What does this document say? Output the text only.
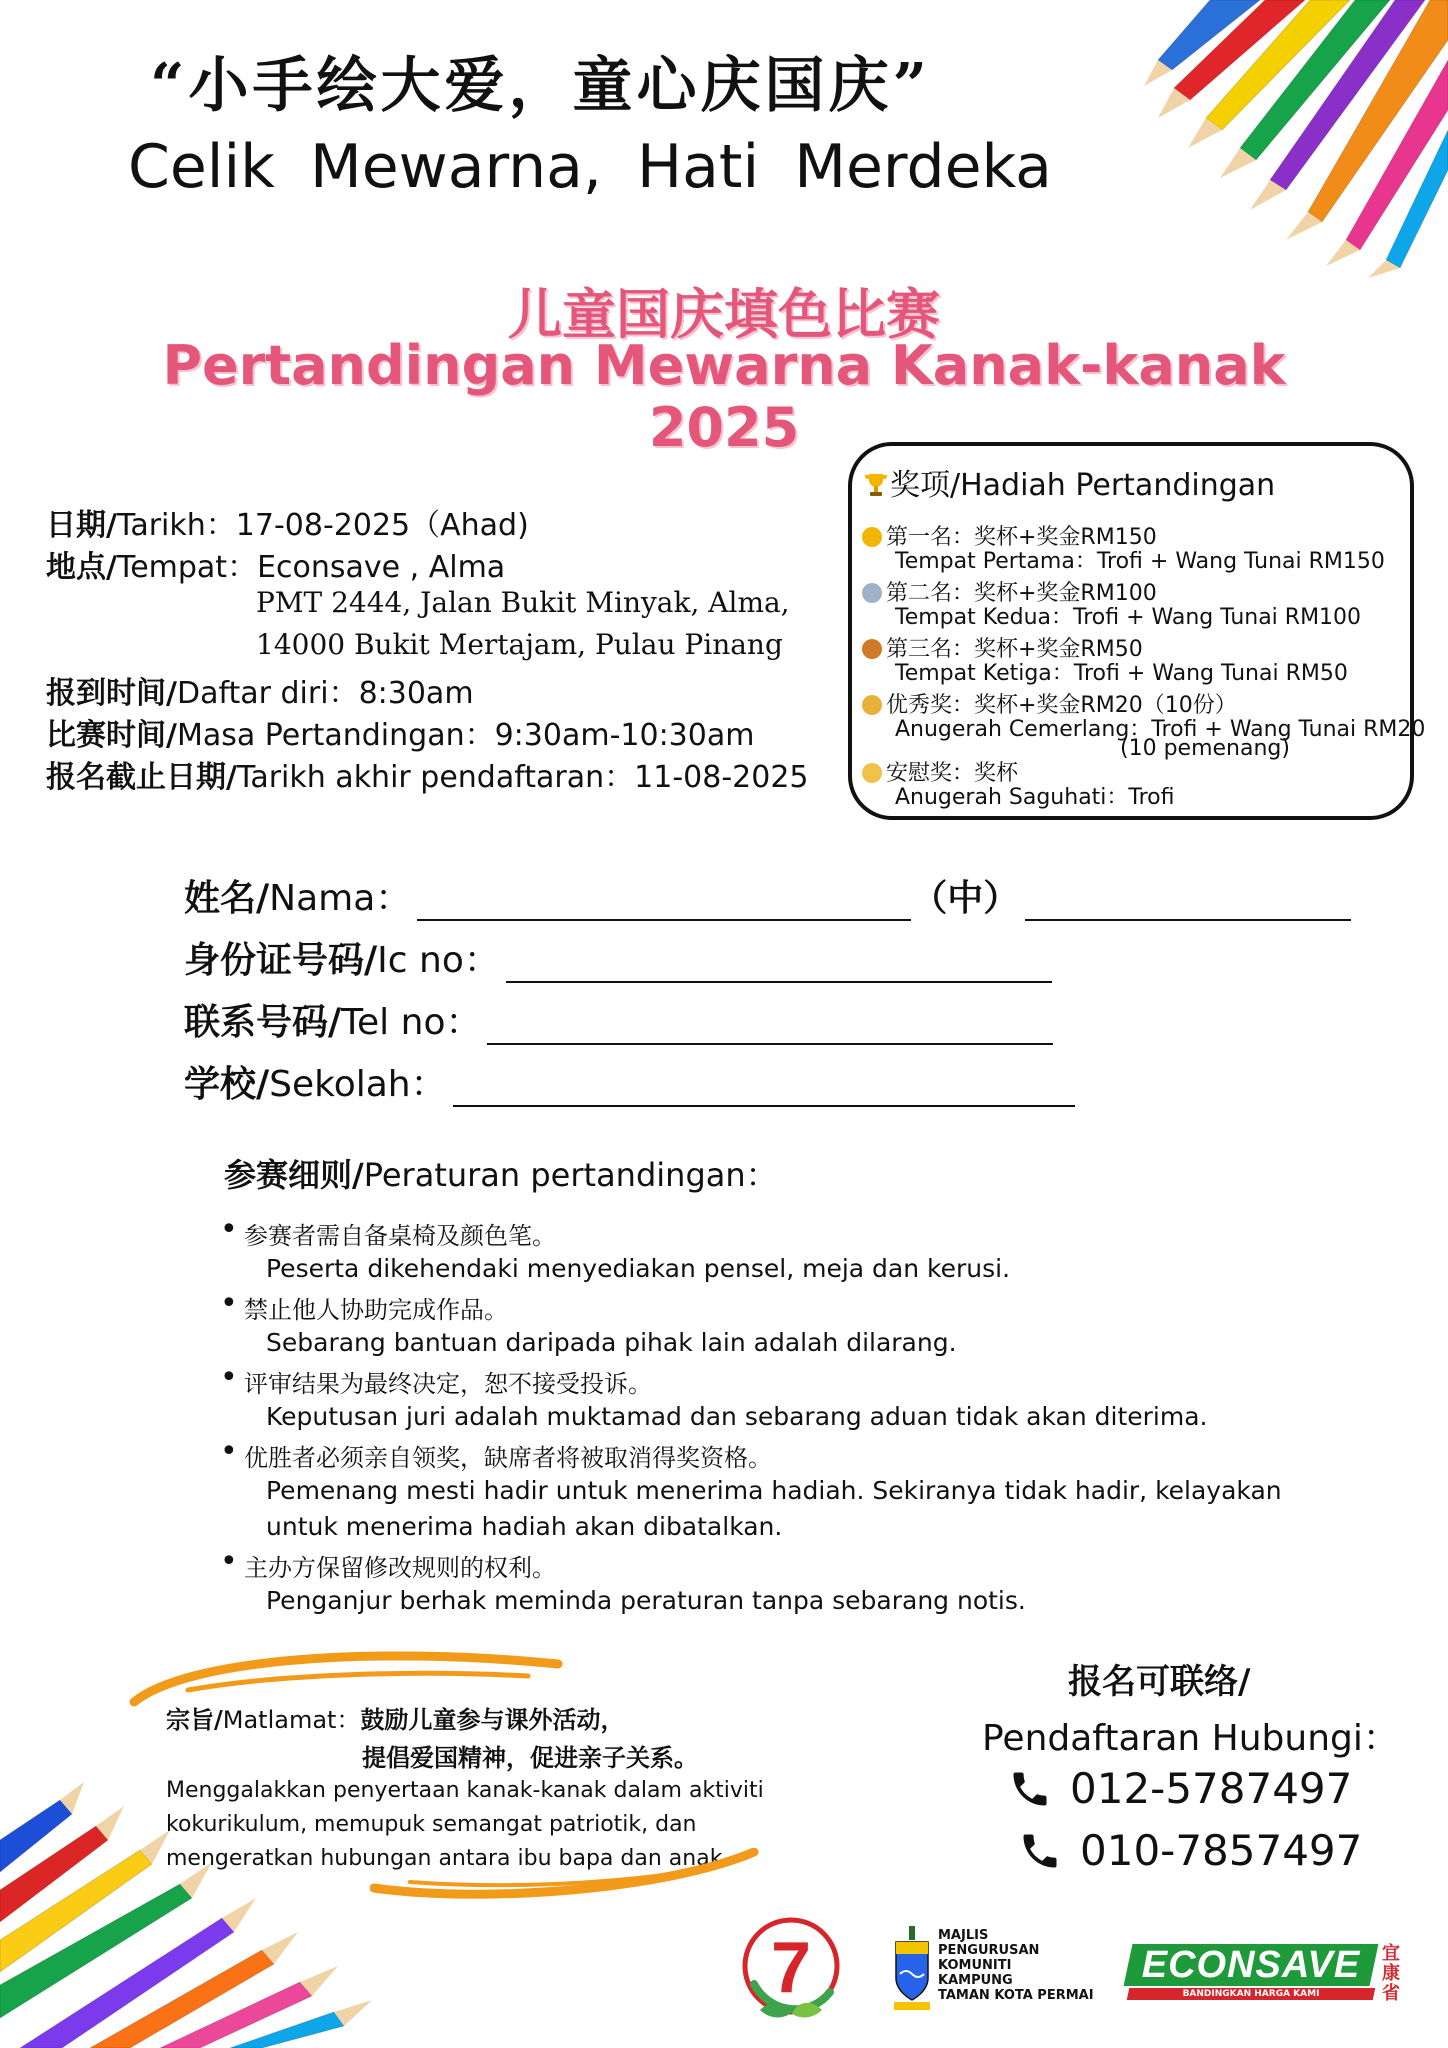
“小手绘大爱，童心庆国庆”
Celik Mewarna, Hati Merdeka
儿童国庆填色比赛
Pertandingan Mewarna Kanak-kanak
2025
日期/Tarikh：17-08-2025（Ahad)
地点/Tempat：Econsave , Alma
PMT 2444, Jalan Bukit Minyak, Alma,
14000 Bukit Mertajam, Pulau Pinang
报到时间/Daftar diri：8:30am
比赛时间/Masa Pertandingan：9:30am-10:30am
报名截止日期/Tarikh akhir pendaftaran：11-08-2025
奖项/Hadiah Pertandingan
第一名：奖杯+奖金RM150
Tempat Pertama：Trofi + Wang Tunai RM150
第二名：奖杯+奖金RM100
Tempat Kedua：Trofi + Wang Tunai RM100
第三名：奖杯+奖金RM50
Tempat Ketiga：Trofi + Wang Tunai RM50
优秀奖：奖杯+奖金RM20（10份）
Anugerah Cemerlang：Trofi + Wang Tunai RM20
(10 pemenang)
安慰奖：奖杯
Anugerah Saguhati：Trofi
姓名/ Nama：	（中）
身份证号码/ Ic no：
联系号码/ Tel no：
学校/ Sekolah：
参赛细则/Peraturan pertandingan：
• 参赛者需自备桌椅及颜色笔。
Peserta dikehendaki menyediakan pensel, meja dan kerusi.
• 禁止他人协助完成作品。
Sebarang bantuan daripada pihak lain adalah dilarang.
• 评审结果为最终决定，恕不接受投诉。
Keputusan juri adalah muktamad dan sebarang aduan tidak akan diterima.
• 优胜者必须亲自领奖，缺席者将被取消得奖资格。
Pemenang mesti hadir untuk menerima hadiah. Sekiranya tidak hadir, kelayakan
untuk menerima hadiah akan dibatalkan.
• 主办方保留修改规则的权利。
Penganjur berhak meminda peraturan tanpa sebarang notis.
宗旨/Matlamat：鼓励儿童参与课外活动，
提倡爱国精神，促进亲子关系。
Menggalakkan penyertaan kanak-kanak dalam aktiviti
kokurikulum, memupuk semangat patriotik, dan
mengeratkan hubungan antara ibu bapa dan anak.
报名可联络/
Pendaftaran Hubungi：
012-5787497
010-7857497
7	MAJLIS
PENGURUSAN
KOMUNITI
KAMPUNG
TAMAN KOTA PERMAI
ECONSAVE
BANDINGKAN HARGA KAMI
宜康省
